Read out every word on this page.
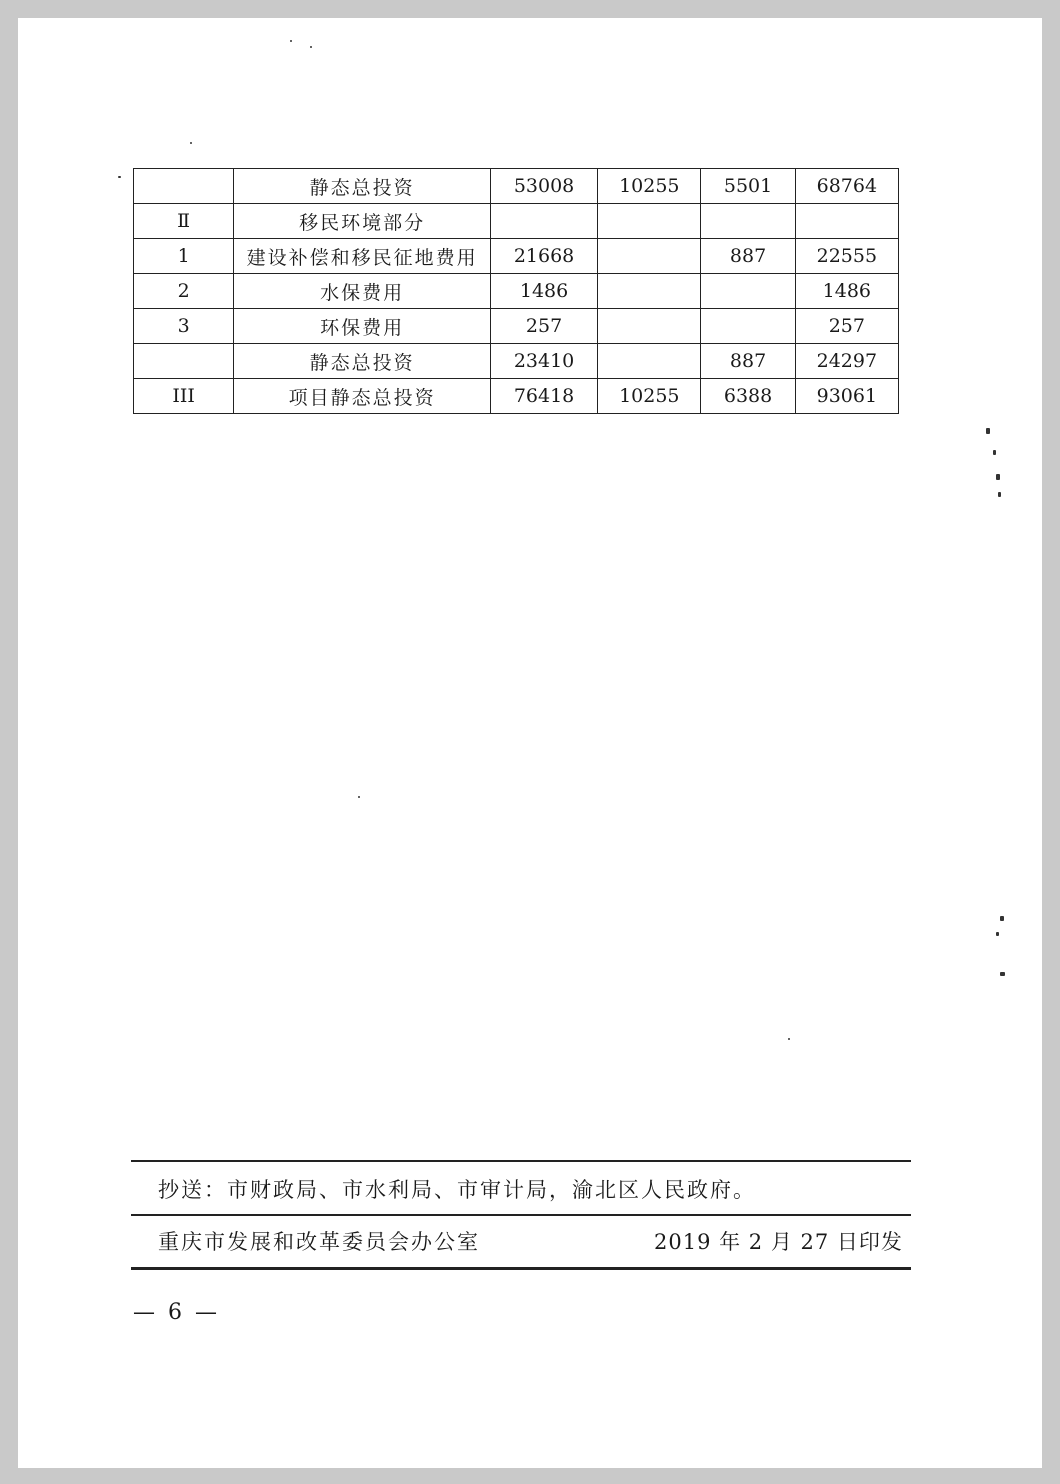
	静态总投资	53008	10255	5501	68764
Ⅱ	移民环境部分				
1	建设补偿和移民征地费用	21668		887	22555
2	水保费用	1486			1486
3	环保费用	257			257
	静态总投资	23410		887	24297
III	项目静态总投资	76418	10255	6388	93061
抄送：市财政局、市水利局、市审计局，渝北区人民政府。
重庆市发展和改革委员会办公室	2019 年 2 月 27 日印发
— 6 —
